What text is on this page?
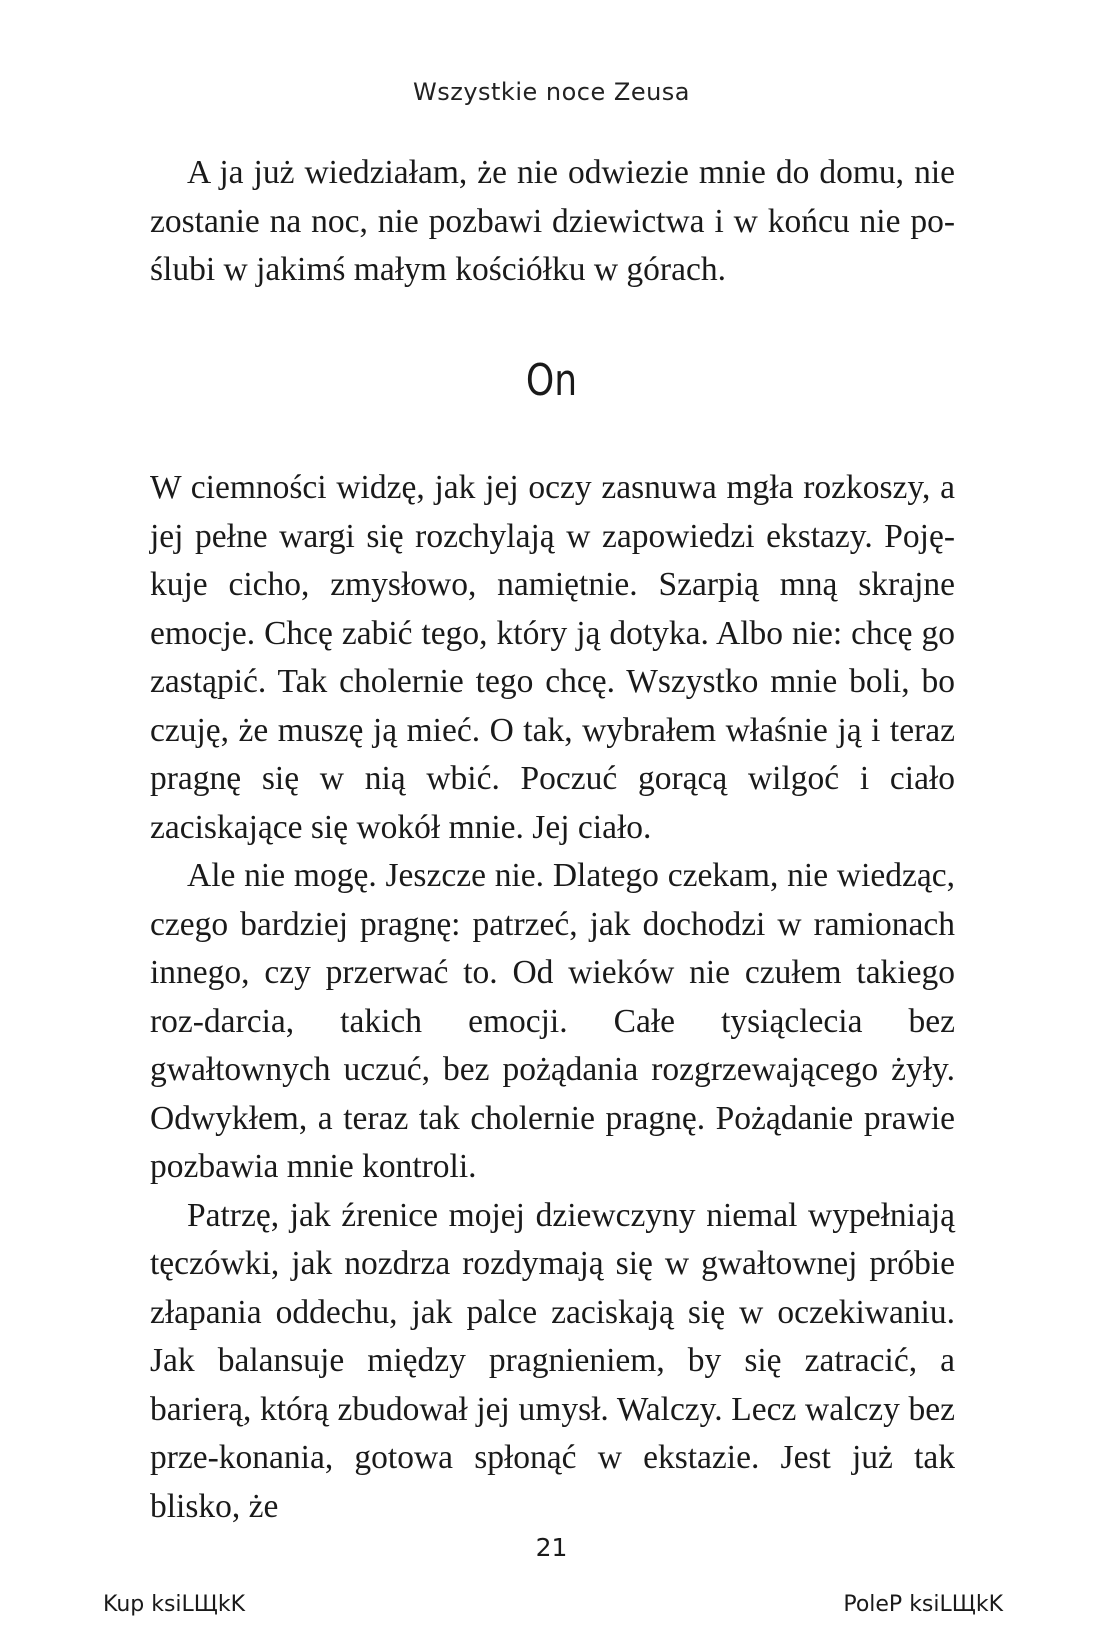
Wszystkie noce Zeusa

A ja już wiedziałam, że nie odwiezie mnie do domu, nie zostanie na noc, nie pozbawi dziewictwa i w końcu nie po-ślubi w jakimś małym kościółku w górach.

On

W ciemności widzę, jak jej oczy zasnuwa mgła rozkoszy, a jej pełne wargi się rozchylają w zapowiedzi ekstazy. Poję-kuje cicho, zmysłowo, namiętnie. Szarpią mną skrajne emocje. Chcę zabić tego, który ją dotyka. Albo nie: chcę go zastąpić. Tak cholernie tego chcę. Wszystko mnie boli, bo czuję, że muszę ją mieć. O tak, wybrałem właśnie ją i teraz pragnę się w nią wbić. Poczuć gorącą wilgoć i ciało zaciskające się wokół mnie. Jej ciało.

Ale nie mogę. Jeszcze nie. Dlatego czekam, nie wiedząc, czego bardziej pragnę: patrzeć, jak dochodzi w ramionach innego, czy przerwać to. Od wieków nie czułem takiego roz-darcia, takich emocji. Całe tysiąclecia bez gwałtownych uczuć, bez pożądania rozgrzewającego żyły. Odwykłem, a teraz tak cholernie pragnę. Pożądanie prawie pozbawia mnie kontroli.

Patrzę, jak źrenice mojej dziewczyny niemal wypełniają tęczówki, jak nozdrza rozdymają się w gwałtownej próbie złapania oddechu, jak palce zaciskają się w oczekiwaniu. Jak balansuje między pragnieniem, by się zatracić, a barierą, którą zbudował jej umysł. Walczy. Lecz walczy bez prze-konania, gotowa spłonąć w ekstazie. Jest już tak blisko, że

21
Kup ksiLЩkK	PoleP ksiLЩkK
